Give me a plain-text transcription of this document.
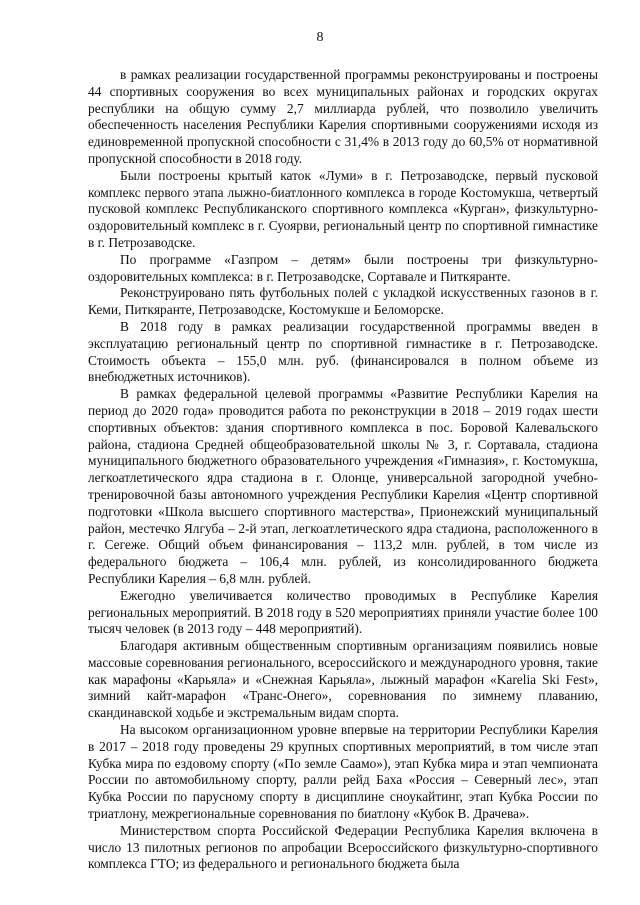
8

в рамках реализации государственной программы реконструированы и построены 44 спортивных сооружения во всех муниципальных районах и городских округах республики на общую сумму 2,7 миллиарда рублей, что позволило увеличить обеспеченность населения Республики Карелия спортивными сооружениями исходя из единовременной пропускной способности с 31,4% в 2013 году до 60,5% от нормативной пропускной способности в 2018 году.

Были построены крытый каток «Луми» в г. Петрозаводске, первый пусковой комплекс первого этапа лыжно-биатлонного комплекса в городе Костомукша, четвертый пусковой комплекс Республиканского спортивного комплекса «Курган», физкультурно-оздоровительный комплекс в г. Суоярви, региональный центр по спортивной гимнастике в г. Петрозаводске.

По программе «Газпром – детям» были построены три физкультурно-оздоровительных комплекса: в г. Петрозаводске, Сортавале и Питкяранте.

Реконструировано пять футбольных полей с укладкой искусственных газонов в г. Кеми, Питкяранте, Петрозаводске, Костомукше и Беломорске.

В 2018 году в рамках реализации государственной программы введен в эксплуатацию региональный центр по спортивной гимнастике в г. Петрозаводске. Стоимость объекта – 155,0 млн. руб. (финансировался в полном объеме из внебюджетных источников).

В рамках федеральной целевой программы «Развитие Республики Карелия на период до 2020 года» проводится работа по реконструкции в 2018 – 2019 годах шести спортивных объектов: здания спортивного комплекса в пос. Боровой Калевальского района, стадиона Средней общеобразовательной школы № 3, г. Сортавала, стадиона муниципального бюджетного образовательного учреждения «Гимназия», г. Костомукша, легкоатлетического ядра стадиона в г. Олонце, универсальной загородной учебно-тренировочной базы автономного учреждения Республики Карелия «Центр спортивной подготовки «Школа высшего спортивного мастерства», Прионежский муниципальный район, местечко Ялгуба – 2-й этап, легкоатлетического ядра стадиона, расположенного в г. Сегеже. Общий объем финансирования – 113,2 млн. рублей, в том числе из федерального бюджета – 106,4 млн. рублей, из консолидированного бюджета Республики Карелия – 6,8 млн. рублей.

Ежегодно увеличивается количество проводимых в Республике Карелия региональных мероприятий. В 2018 году в 520 мероприятиях приняли участие более 100 тысяч человек (в 2013 году – 448 мероприятий).

Благодаря активным общественным спортивным организациям появились новые массовые соревнования регионального, всероссийского и международного уровня, такие как марафоны «Карьяла» и «Снежная Карьяла», лыжный марафон «Karelia Ski Fest», зимний кайт-марафон «Транс-Онего», соревнования по зимнему плаванию, скандинавской ходьбе и экстремальным видам спорта.

На высоком организационном уровне впервые на территории Республики Карелия в 2017 – 2018 году проведены 29 крупных спортивных мероприятий, в том числе этап Кубка мира по ездовому спорту («По земле Саамо»), этап Кубка мира и этап чемпионата России по автомобильному спорту, ралли рейд Баха «Россия – Северный лес», этап Кубка России по парусному спорту в дисциплине сноукайтинг, этап Кубка России по триатлону, межрегиональные соревнования по биатлону «Кубок В. Драчева».

Министерством спорта Российской Федерации Республика Карелия включена в число 13 пилотных регионов по апробации Всероссийского физкультурно-спортивного комплекса ГТО; из федерального и регионального бюджета была
